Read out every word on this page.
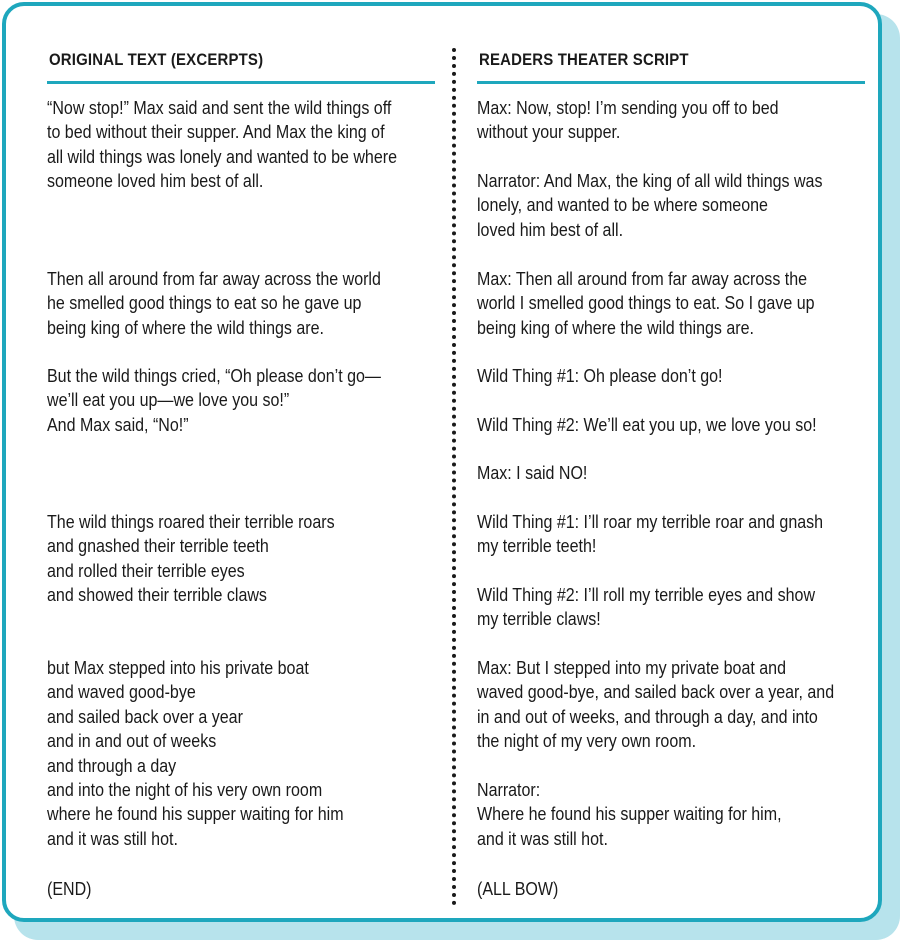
ORIGINAL TEXT (EXCERPTS)

“Now stop!” Max said and sent the wild things off
to bed without their supper. And Max the king of
all wild things was lonely and wanted to be where
someone loved him best of all.

Then all around from far away across the world
he smelled good things to eat so he gave up
being king of where the wild things are.

But the wild things cried, “Oh please don’t go—
we’ll eat you up—we love you so!”
And Max said, “No!”

The wild things roared their terrible roars
and gnashed their terrible teeth
and rolled their terrible eyes
and showed their terrible claws

but Max stepped into his private boat
and waved good-bye
and sailed back over a year
and in and out of weeks
and through a day
and into the night of his very own room
where he found his supper waiting for him
and it was still hot.

(END)

READERS THEATER SCRIPT

Max: Now, stop! I’m sending you off to bed
without your supper.

Narrator: And Max, the king of all wild things was
lonely, and wanted to be where someone
loved him best of all.

Max: Then all around from far away across the
world I smelled good things to eat. So I gave up
being king of where the wild things are.

Wild Thing #1: Oh please don’t go!

Wild Thing #2: We’ll eat you up, we love you so!

Max: I said NO!

Wild Thing #1: I’ll roar my terrible roar and gnash
my terrible teeth!

Wild Thing #2: I’ll roll my terrible eyes and show
my terrible claws!

Max: But I stepped into my private boat and
waved good-bye, and sailed back over a year, and
in and out of weeks, and through a day, and into
the night of my very own room.

Narrator:
Where he found his supper waiting for him,
and it was still hot.

(ALL BOW)
